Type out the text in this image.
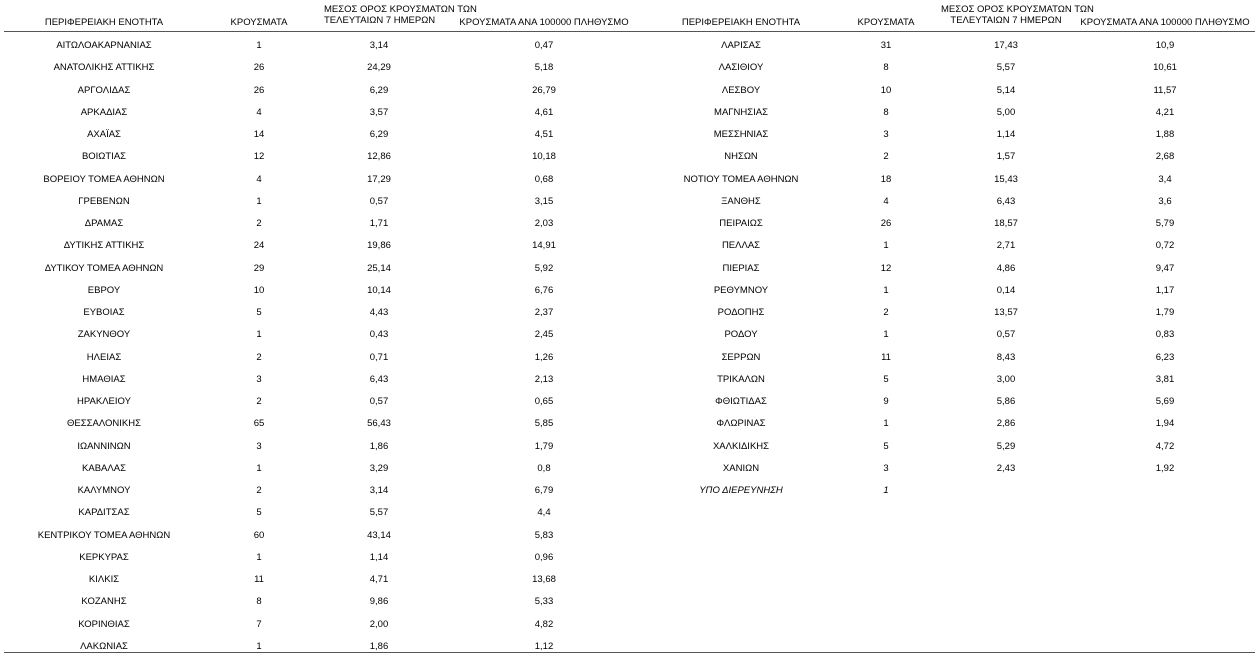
ΠΕΡΙΦΕΡΕΙΑΚΗ ΕΝΟΤΗΤΑ	ΚΡΟΥΣΜΑΤΑ
ΜΕΣΟΣ ΟΡΟΣ ΚΡΟΥΣΜΑΤΩΝ ΤΩΝ
ΤΕΛΕΥΤΑΙΩΝ 7 ΗΜΕΡΩΝ	ΚΡΟΥΣΜΑΤΑ ΑΝΑ 100000 ΠΛΗΘΥΣΜΟ
ΑΙΤΩΛΟΑΚΑΡΝΑΝΙΑΣ	1	3,14	0,47
ΑΝΑΤΟΛΙΚΗΣ ΑΤΤΙΚΗΣ	26	24,29	5,18
ΑΡΓΟΛΙΔΑΣ	26	6,29	26,79
ΑΡΚΑΔΙΑΣ	4	3,57	4,61
ΑΧΑΪΑΣ	14	6,29	4,51
ΒΟΙΩΤΙΑΣ	12	12,86	10,18
ΒΟΡΕΙΟΥ ΤΟΜΕΑ ΑΘΗΝΩΝ	4	17,29	0,68
ΓΡΕΒΕΝΩΝ	1	0,57	3,15
ΔΡΑΜΑΣ	2	1,71	2,03
ΔΥΤΙΚΗΣ ΑΤΤΙΚΗΣ	24	19,86	14,91
ΔΥΤΙΚΟΥ ΤΟΜΕΑ ΑΘΗΝΩΝ	29	25,14	5,92
ΕΒΡΟΥ	10	10,14	6,76
ΕΥΒΟΙΑΣ	5	4,43	2,37
ΖΑΚΥΝΘΟΥ	1	0,43	2,45
ΗΛΕΙΑΣ	2	0,71	1,26
ΗΜΑΘΙΑΣ	3	6,43	2,13
ΗΡΑΚΛΕΙΟΥ	2	0,57	0,65
ΘΕΣΣΑΛΟΝΙΚΗΣ	65	56,43	5,85
ΙΩΑΝΝΙΝΩΝ	3	1,86	1,79
ΚΑΒΑΛΑΣ	1	3,29	0,8
ΚΑΛΥΜΝΟΥ	2	3,14	6,79
ΚΑΡΔΙΤΣΑΣ	5	5,57	4,4
ΚΕΝΤΡΙΚΟΥ ΤΟΜΕΑ ΑΘΗΝΩΝ	60	43,14	5,83
ΚΕΡΚΥΡΑΣ	1	1,14	0,96
ΚΙΛΚΙΣ	11	4,71	13,68
ΚΟΖΑΝΗΣ	8	9,86	5,33
ΚΟΡΙΝΘΙΑΣ	7	2,00	4,82
ΛΑΚΩΝΙΑΣ	1	1,86	1,12
ΠΕΡΙΦΕΡΕΙΑΚΗ ΕΝΟΤΗΤΑ	ΚΡΟΥΣΜΑΤΑ
ΜΕΣΟΣ ΟΡΟΣ ΚΡΟΥΣΜΑΤΩΝ ΤΩΝ
ΤΕΛΕΥΤΑΙΩΝ 7 ΗΜΕΡΩΝ	ΚΡΟΥΣΜΑΤΑ ΑΝΑ 100000 ΠΛΗΘΥΣΜΟ
ΛΑΡΙΣΑΣ	31	17,43	10,9
ΛΑΣΙΘΙΟΥ	8	5,57	10,61
ΛΕΣΒΟΥ	10	5,14	11,57
ΜΑΓΝΗΣΙΑΣ	8	5,00	4,21
ΜΕΣΣΗΝΙΑΣ	3	1,14	1,88
ΝΗΣΩΝ	2	1,57	2,68
ΝΟΤΙΟΥ ΤΟΜΕΑ ΑΘΗΝΩΝ	18	15,43	3,4
ΞΑΝΘΗΣ	4	6,43	3,6
ΠΕΙΡΑΙΩΣ	26	18,57	5,79
ΠΕΛΛΑΣ	1	2,71	0,72
ΠΙΕΡΙΑΣ	12	4,86	9,47
ΡΕΘΥΜΝΟΥ	1	0,14	1,17
ΡΟΔΟΠΗΣ	2	13,57	1,79
ΡΟΔΟΥ	1	0,57	0,83
ΣΕΡΡΩΝ	11	8,43	6,23
ΤΡΙΚΑΛΩΝ	5	3,00	3,81
ΦΘΙΩΤΙΔΑΣ	9	5,86	5,69
ΦΛΩΡΙΝΑΣ	1	2,86	1,94
ΧΑΛΚΙΔΙΚΗΣ	5	5,29	4,72
ΧΑΝΙΩΝ	3	2,43	1,92
ΥΠΟ ΔΙΕΡΕΥΝΗΣΗ	1
